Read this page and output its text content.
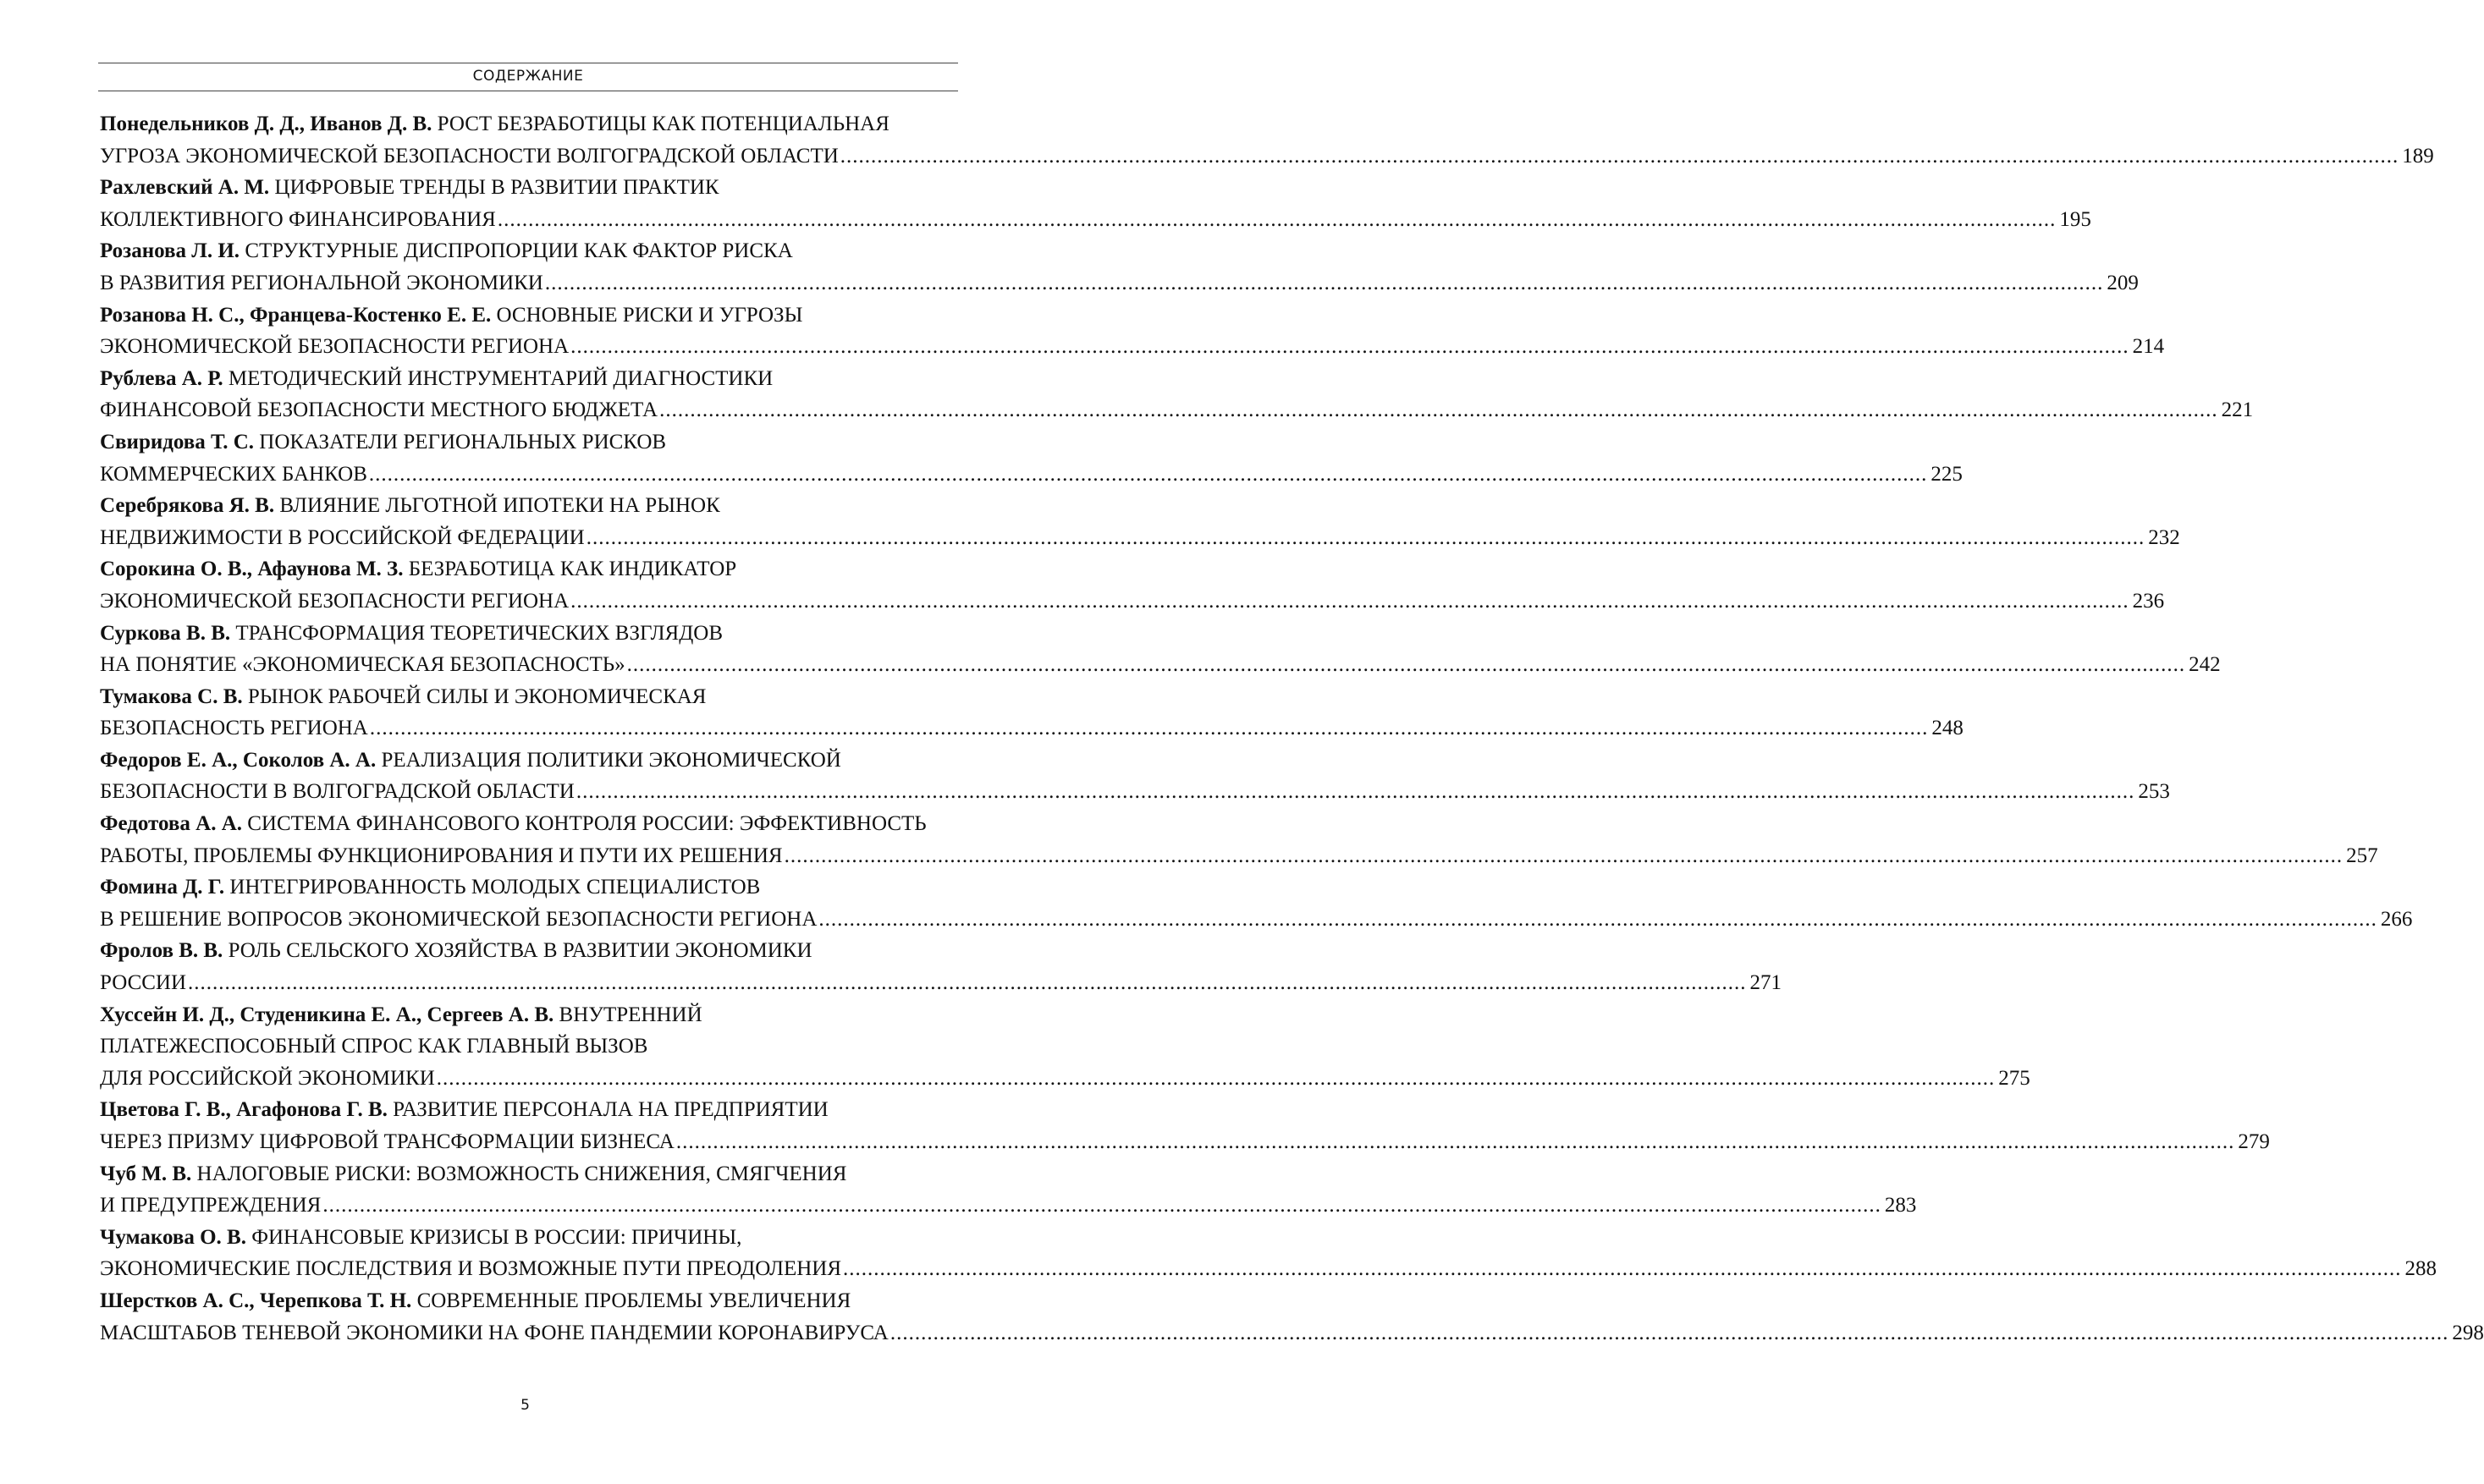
СОДЕРЖАНИЕ
Понедельников Д. Д., Иванов Д. В. РОСТ БЕЗРАБОТИЦЫ КАК ПОТЕНЦИАЛЬНАЯ
УГРОЗА ЭКОНОМИЧЕСКОЙ БЕЗОПАСНОСТИ ВОЛГОГРАДСКОЙ ОБЛАСТИ .....	189
Рахлевский А. М. ЦИФРОВЫЕ ТРЕНДЫ В РАЗВИТИИ ПРАКТИК
КОЛЛЕКТИВНОГО ФИНАНСИРОВАНИЯ .....	195
Розанова Л. И. СТРУКТУРНЫЕ ДИСПРОПОРЦИИ КАК ФАКТОР РИСКА
В РАЗВИТИЯ РЕГИОНАЛЬНОЙ ЭКОНОМИКИ .....	209
Розанова Н. С., Францева-Костенко Е. Е. ОСНОВНЫЕ РИСКИ И УГРОЗЫ
ЭКОНОМИЧЕСКОЙ БЕЗОПАСНОСТИ РЕГИОНА .....	214
Рублева А. Р. МЕТОДИЧЕСКИЙ ИНСТРУМЕНТАРИЙ ДИАГНОСТИКИ
ФИНАНСОВОЙ БЕЗОПАСНОСТИ МЕСТНОГО БЮДЖЕТА .....	221
Свиридова Т. С. ПОКАЗАТЕЛИ РЕГИОНАЛЬНЫХ РИСКОВ
КОММЕРЧЕСКИХ БАНКОВ .....	225
Серебрякова Я. В. ВЛИЯНИЕ ЛЬГОТНОЙ ИПОТЕКИ НА РЫНОК
НЕДВИЖИМОСТИ В РОССИЙСКОЙ ФЕДЕРАЦИИ .....	232
Сорокина О. В., Афаунова М. З. БЕЗРАБОТИЦА КАК ИНДИКАТОР
ЭКОНОМИЧЕСКОЙ БЕЗОПАСНОСТИ РЕГИОНА .....	236
Суркова В. В. ТРАНСФОРМАЦИЯ ТЕОРЕТИЧЕСКИХ ВЗГЛЯДОВ
НА ПОНЯТИЕ «ЭКОНОМИЧЕСКАЯ БЕЗОПАСНОСТЬ» .....	242
Тумакова С. В. РЫНОК РАБОЧЕЙ СИЛЫ И ЭКОНОМИЧЕСКАЯ
БЕЗОПАСНОСТЬ РЕГИОНА .....	248
Федоров Е. А., Соколов А. А. РЕАЛИЗАЦИЯ ПОЛИТИКИ ЭКОНОМИЧЕСКОЙ
БЕЗОПАСНОСТИ В ВОЛГОГРАДСКОЙ ОБЛАСТИ .....	253
Федотова А. А. СИСТЕМА ФИНАНСОВОГО КОНТРОЛЯ РОССИИ: ЭФФЕКТИВНОСТЬ
РАБОТЫ, ПРОБЛЕМЫ ФУНКЦИОНИРОВАНИЯ И ПУТИ ИХ РЕШЕНИЯ .....	257
Фомина Д. Г. ИНТЕГРИРОВАННОСТЬ МОЛОДЫХ СПЕЦИАЛИСТОВ
В РЕШЕНИЕ ВОПРОСОВ ЭКОНОМИЧЕСКОЙ БЕЗОПАСНОСТИ РЕГИОНА .....	266
Фролов В. В. РОЛЬ СЕЛЬСКОГО ХОЗЯЙСТВА В РАЗВИТИИ ЭКОНОМИКИ
РОССИИ .....	271
Хуссейн И. Д., Студеникина Е. А., Сергеев А. В. ВНУТРЕННИЙ
ПЛАТЕЖЕСПОСОБНЫЙ СПРОС КАК ГЛАВНЫЙ ВЫЗОВ
ДЛЯ РОССИЙСКОЙ ЭКОНОМИКИ .....	275
Цветова Г. В., Агафонова Г. В. РАЗВИТИЕ ПЕРСОНАЛА НА ПРЕДПРИЯТИИ
ЧЕРЕЗ ПРИЗМУ ЦИФРОВОЙ ТРАНСФОРМАЦИИ БИЗНЕСА .....	279
Чуб М. В. НАЛОГОВЫЕ РИСКИ: ВОЗМОЖНОСТЬ СНИЖЕНИЯ, СМЯГЧЕНИЯ
И ПРЕДУПРЕЖДЕНИЯ .....	283
Чумакова О. В. ФИНАНСОВЫЕ КРИЗИСЫ В РОССИИ: ПРИЧИНЫ,
ЭКОНОМИЧЕСКИЕ ПОСЛЕДСТВИЯ И ВОЗМОЖНЫЕ ПУТИ ПРЕОДОЛЕНИЯ .....	288
Шерстков А. С., Черепкова Т. Н. СОВРЕМЕННЫЕ ПРОБЛЕМЫ УВЕЛИЧЕНИЯ
МАСШТАБОВ ТЕНЕВОЙ ЭКОНОМИКИ НА ФОНЕ ПАНДЕМИИ КОРОНАВИРУСА .....	298
5
